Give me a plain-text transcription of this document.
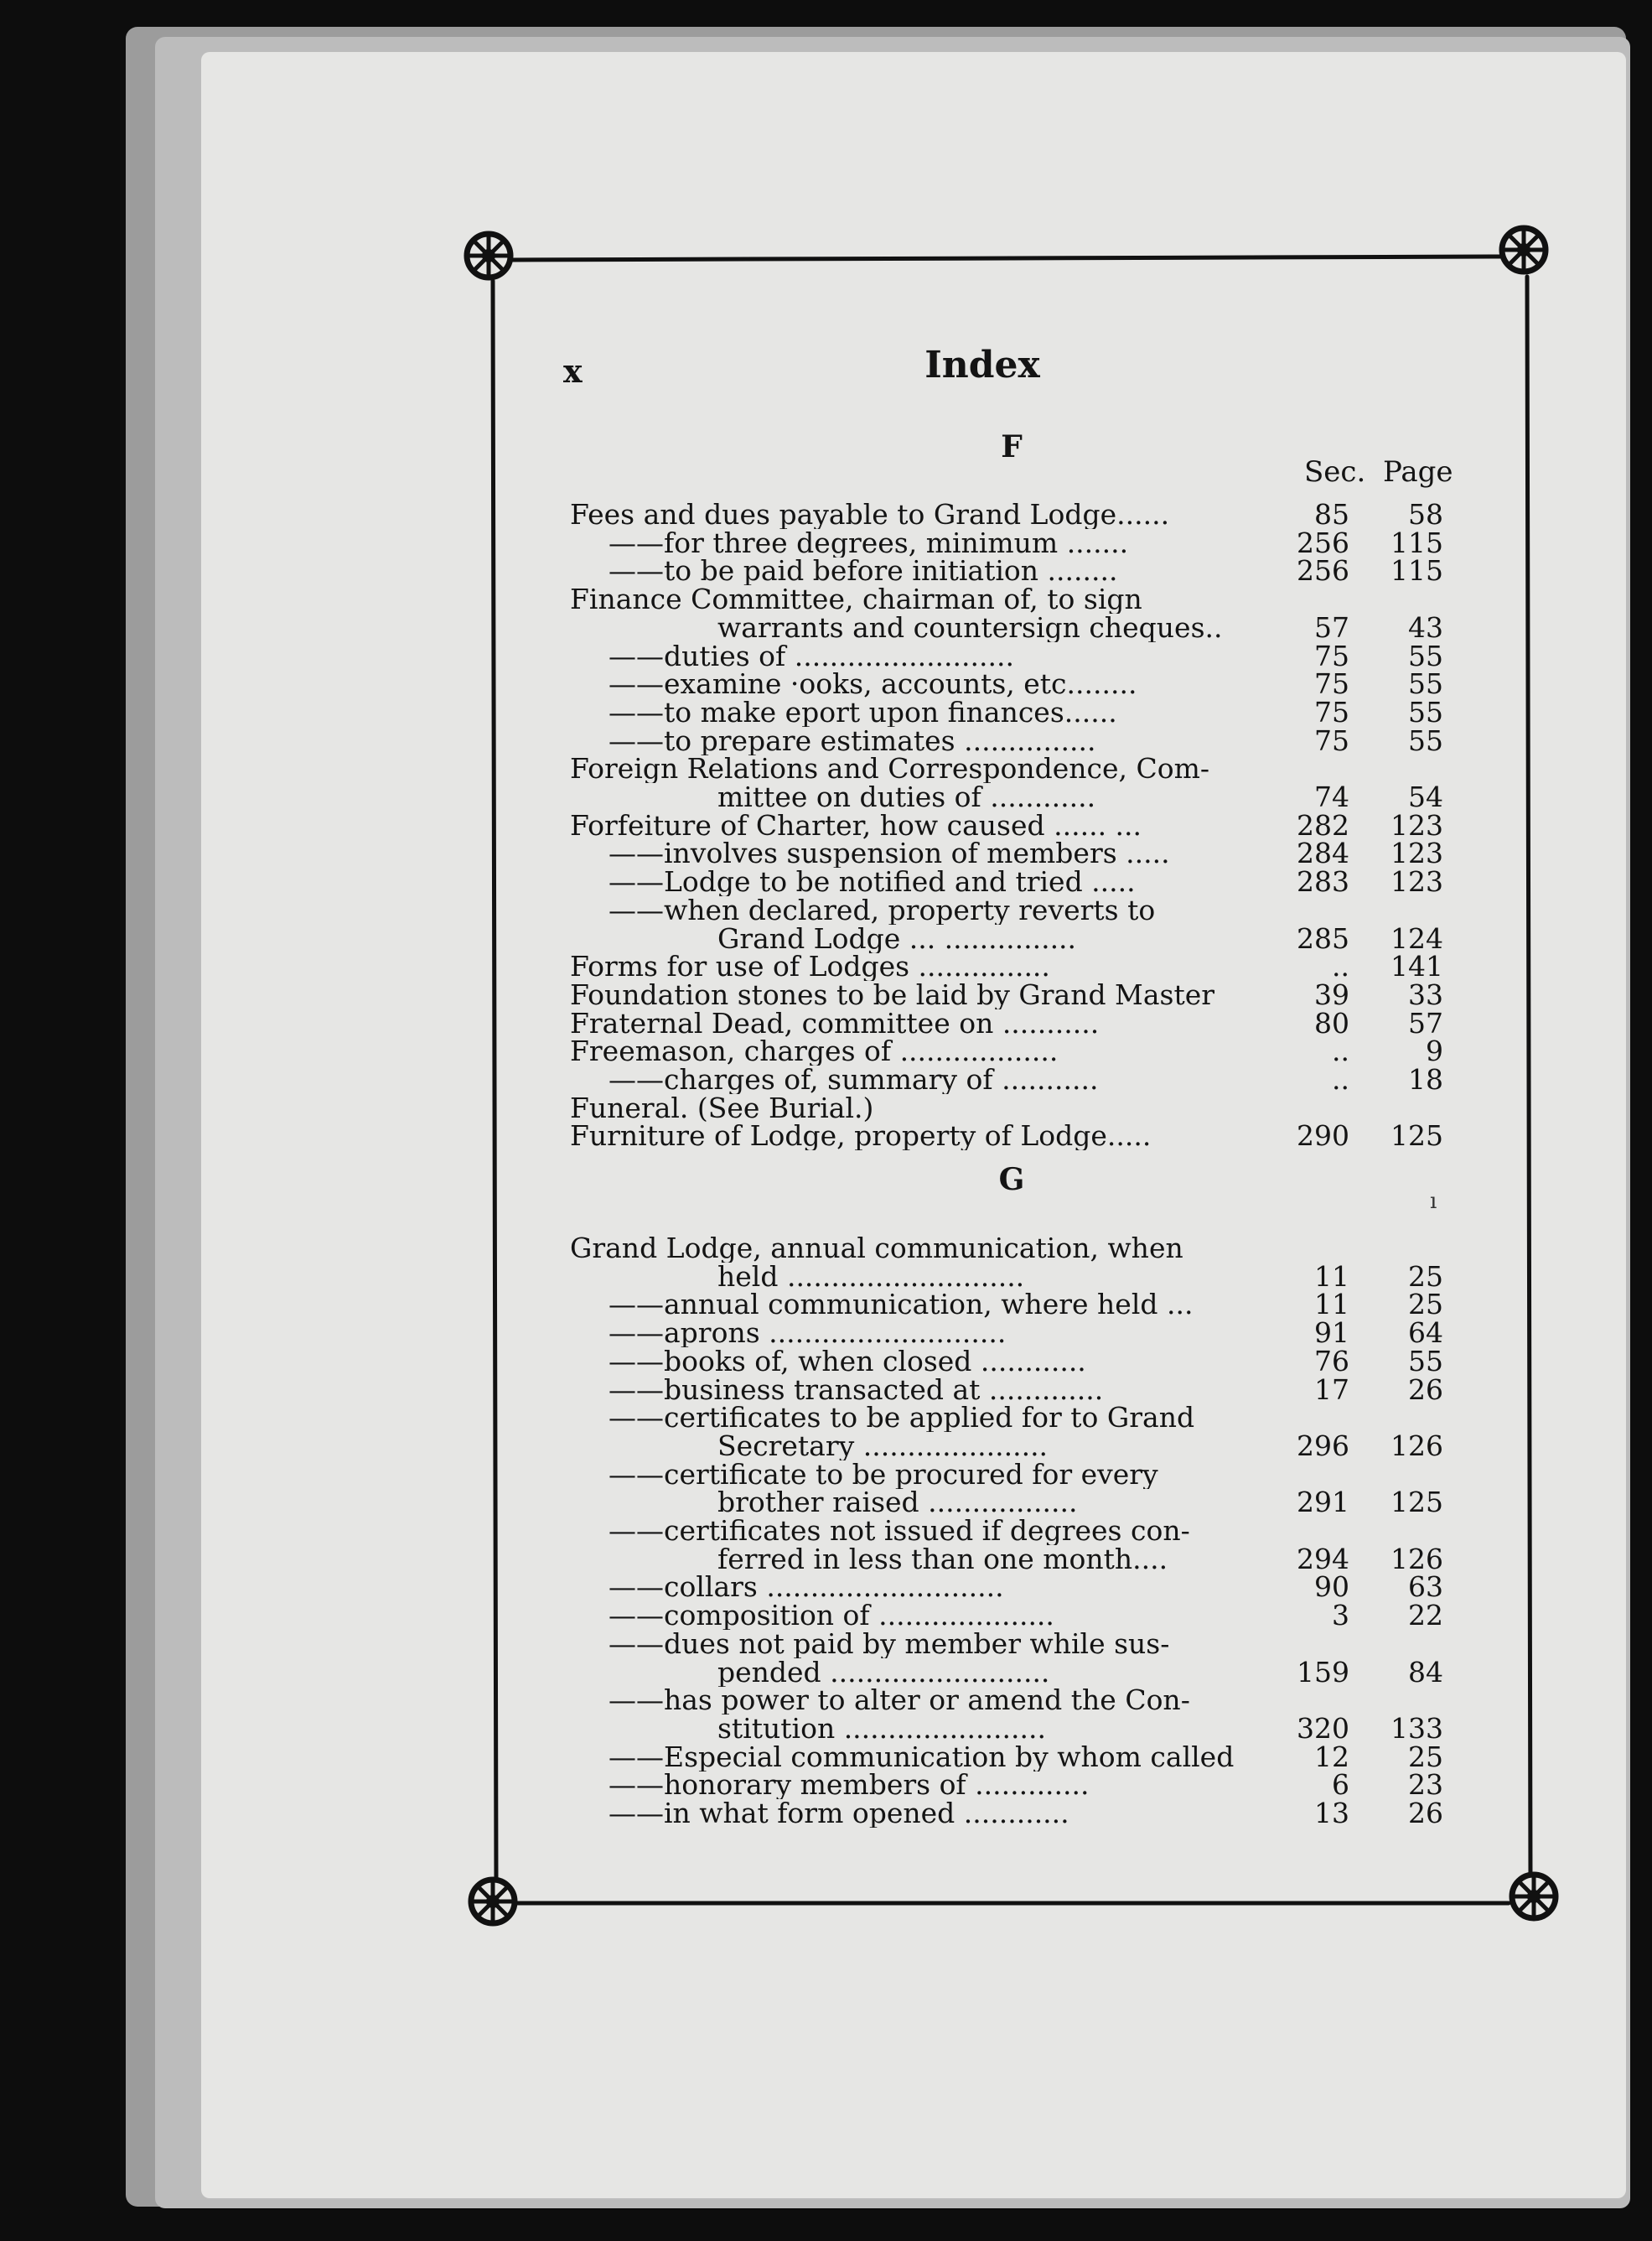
x	Index
F
Sec. Page
G
ı
Fees and dues payable to Grand Lodge......	85	58
——for three degrees, minimum .......	256	115
——to be paid before initiation ........	256	115
Finance Committee, chairman of, to sign
warrants and countersign cheques..	57	43
——duties of .........................	75	55
——examine ·ooks, accounts, etc........	75	55
——to make eport upon finances......	75	55
——to prepare estimates ...............	75	55
Foreign Relations and Correspondence, Com-
mittee on duties of ............	74	54
Forfeiture of Charter, how caused ...... ...	282	123
——involves suspension of members .....	284	123
——Lodge to be notified and tried .....	283	123
——when declared, property reverts to
Grand Lodge ... ...............	285	124
Forms for use of Lodges ...............	..	141
Foundation stones to be laid by Grand Master	39	33
Fraternal Dead, committee on ...........	80	57
Freemason, charges of ..................	..	9
——charges of, summary of ...........	..	18
Funeral. (See Burial.)
Furniture of Lodge, property of Lodge.....	290	125
Grand Lodge, annual communication, when
held ...........................	11	25
——annual communication, where held ...	11	25
——aprons ...........................	91	64
——books of, when closed ............	76	55
——business transacted at .............	17	26
——certificates to be applied for to Grand
Secretary .....................	296	126
——certificate to be procured for every
brother raised .................	291	125
——certificates not issued if degrees con-
ferred in less than one month....	294	126
——collars ...........................	90	63
——composition of ....................	3	22
——dues not paid by member while sus-
pended .........................	159	84
——has power to alter or amend the Con-
stitution .......................	320	133
——Especial communication by whom called	12	25
——honorary members of .............	6	23
——in what form opened ............	13	26
